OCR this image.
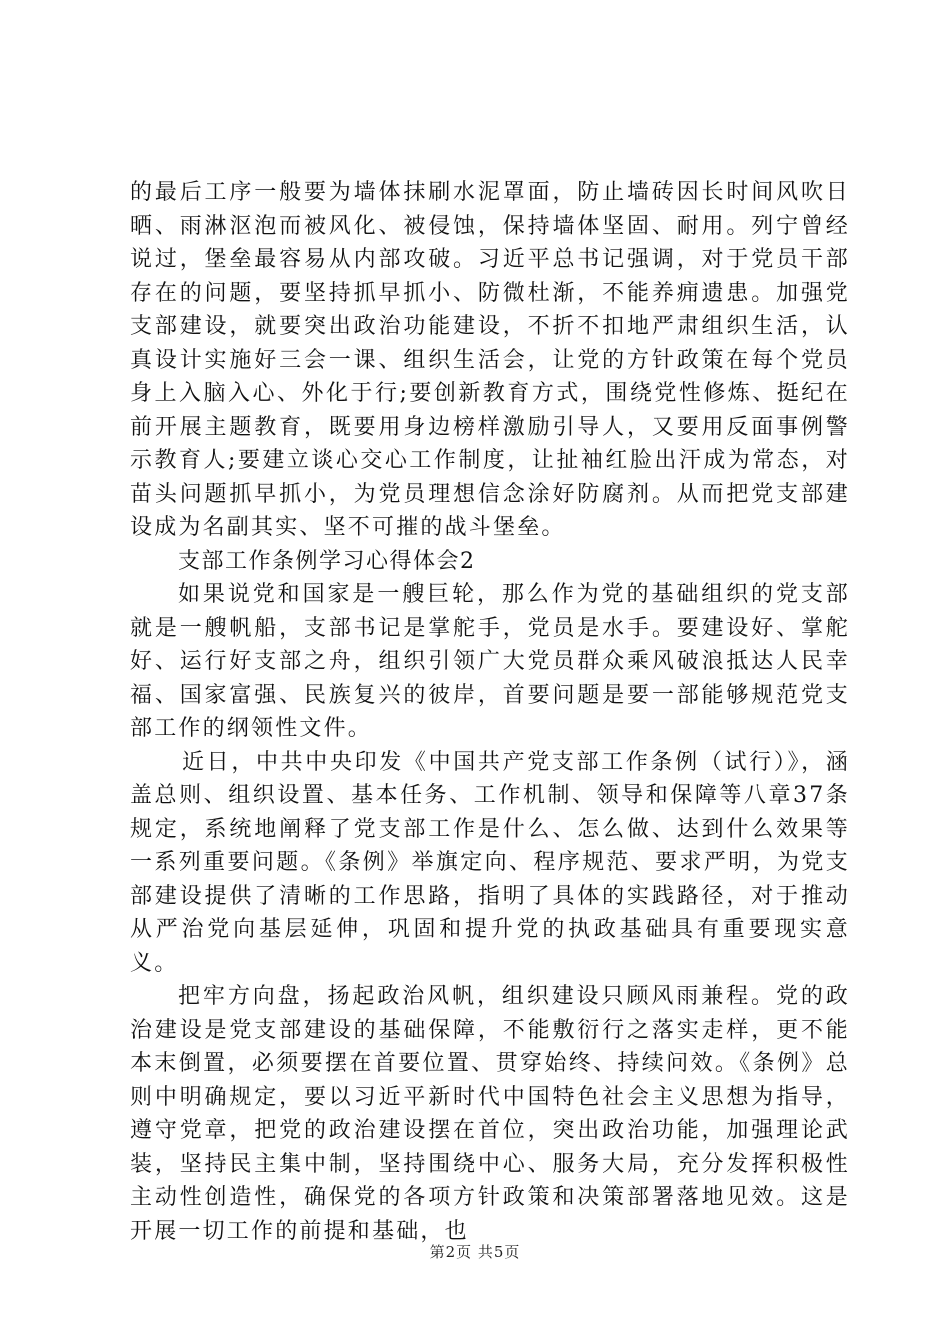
的最后工序一般要为墙体抹刷水泥罩面，防止墙砖因长时间风吹日晒、雨淋沤泡而被风化、被侵蚀，保持墙体坚固、耐用。列宁曾经说过，堡垒最容易从内部攻破。习近平总书记强调，对于党员干部存在的问题，要坚持抓早抓小、防微杜渐，不能养痈遗患。加强党支部建设，就要突出政治功能建设，不折不扣地严肃组织生活，认真设计实施好三会一课、组织生活会，让党的方针政策在每个党员身上入脑入心、外化于行;要创新教育方式，围绕党性修炼、挺纪在前开展主题教育，既要用身边榜样激励引导人，又要用反面事例警示教育人;要建立谈心交心工作制度，让扯袖红脸出汗成为常态，对苗头问题抓早抓小，为党员理想信念涂好防腐剂。从而把党支部建设成为名副其实、坚不可摧的战斗堡垒。

支部工作条例学习心得体会2

如果说党和国家是一艘巨轮，那么作为党的基础组织的党支部就是一艘帆船，支部书记是掌舵手，党员是水手。要建设好、掌舵好、运行好支部之舟，组织引领广大党员群众乘风破浪抵达人民幸福、国家富强、民族复兴的彼岸，首要问题是要一部能够规范党支部工作的纲领性文件。

近日，中共中央印发《中国共产党支部工作条例（试行）》，涵盖总则、组织设置、基本任务、工作机制、领导和保障等八章37条规定，系统地阐释了党支部工作是什么、怎么做、达到什么效果等一系列重要问题。《条例》举旗定向、程序规范、要求严明，为党支部建设提供了清晰的工作思路，指明了具体的实践路径，对于推动从严治党向基层延伸，巩固和提升党的执政基础具有重要现实意义。

把牢方向盘，扬起政治风帆，组织建设只顾风雨兼程。党的政治建设是党支部建设的基础保障，不能敷衍行之落实走样，更不能本末倒置，必须要摆在首要位置、贯穿始终、持续问效。《条例》总则中明确规定，要以习近平新时代中国特色社会主义思想为指导，遵守党章，把党的政治建设摆在首位，突出政治功能，加强理论武装，坚持民主集中制，坚持围绕中心、服务大局，充分发挥积极性主动性创造性，确保党的各项方针政策和决策部署落地见效。这是开展一切工作的前提和基础，也

第2页 共5页
